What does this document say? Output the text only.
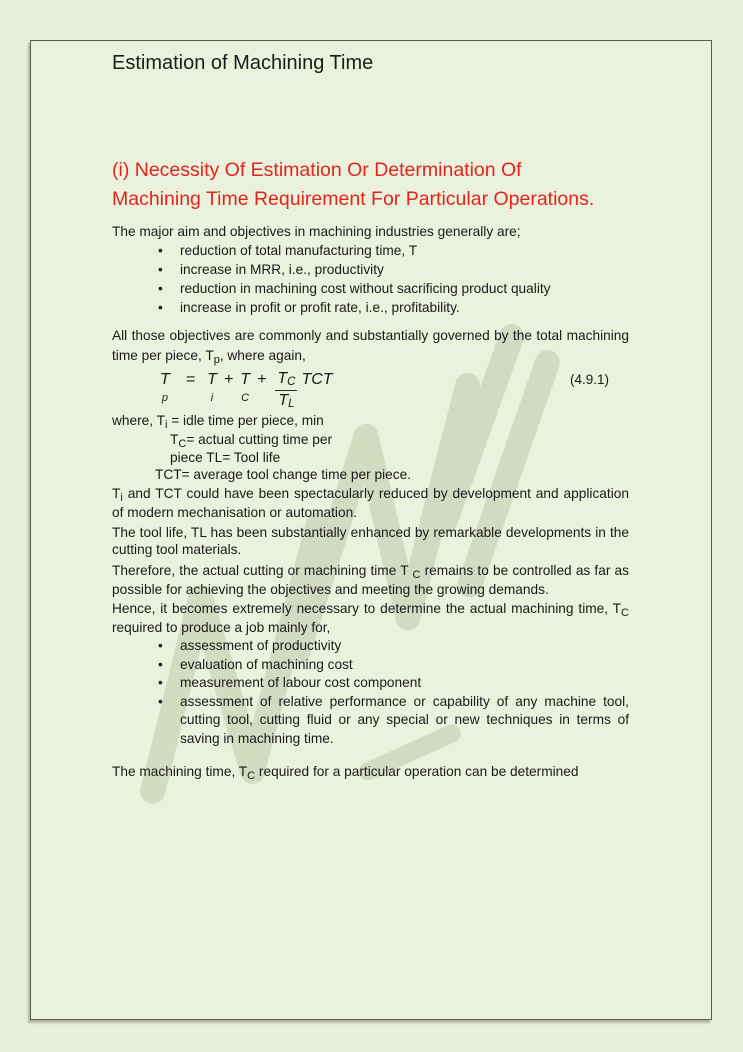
Estimation of Machining Time
(i) Necessity Of Estimation Or Determination Of
Machining Time Requirement For Particular Operations.
The major aim and objectives in machining industries generally are;
•	reduction of total manufacturing time, T
•	increase in MRR, i.e., productivity
•	reduction in machining cost without sacrificing product quality
•	increase in profit or profit rate, i.e., profitability.
All those objectives are commonly and substantially governed by the total machining time per piece, $T_p$, where again,
T
p
= T
i
+ T
C
+ $\frac{TC}{TL}$ TCT	(4.9.1)
where, $T_i$ = idle time per piece, min
$T_C=$ actual cutting time per
piece TL= Tool life
TCT= average tool change time per piece.
$T_i$ and TCT could have been spectacularly reduced by development and application of modern mechanisation or automation.
The tool life, TL has been substantially enhanced by remarkable developments in the cutting tool materials.
Therefore, the actual cutting or machining time T $_C$ remains to be controlled as far as possible for achieving the objectives and meeting the growing demands.
Hence, it becomes extremely necessary to determine the actual machining time, $T_C$ required to produce a job mainly for,
•	assessment of productivity
•	evaluation of machining cost
•	measurement of labour cost component
•	assessment of relative performance or capability of any machine tool, cutting tool, cutting fluid or any special or new techniques in terms of saving in machining time.
The machining time, $T_C$ required for a particular operation can be determined
